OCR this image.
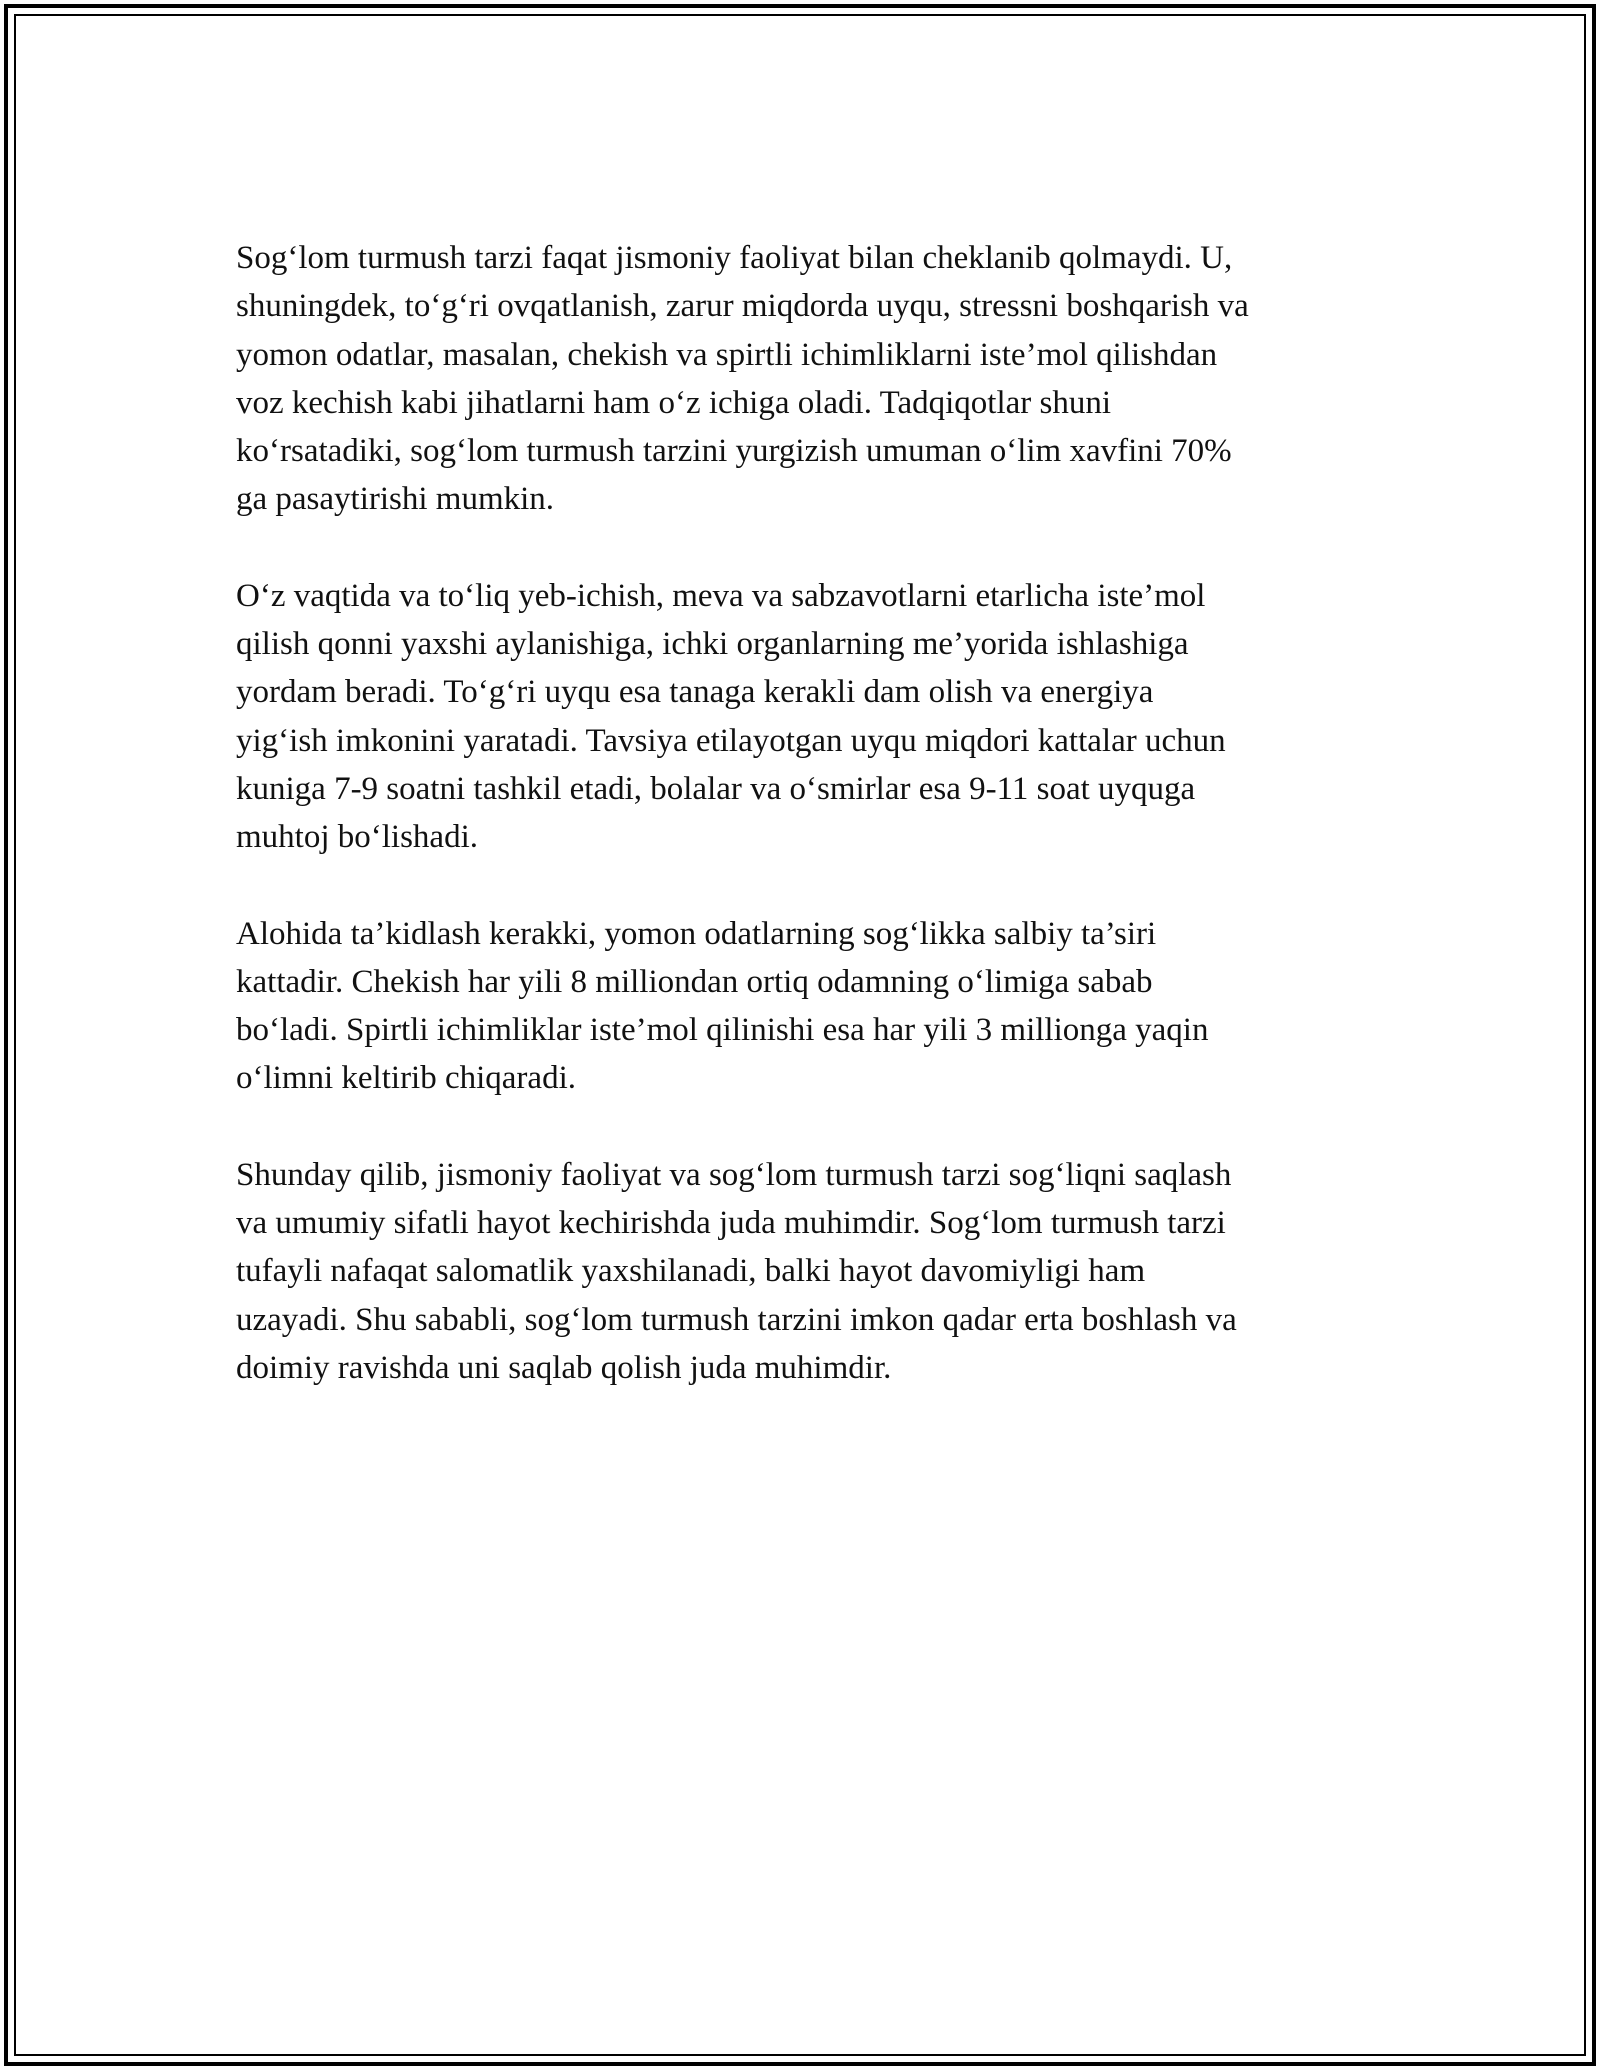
Sog‘lom turmush tarzi faqat jismoniy faoliyat bilan cheklanib qolmaydi. U,
shuningdek, to‘g‘ri ovqatlanish, zarur miqdorda uyqu, stressni boshqarish va
yomon odatlar, masalan, chekish va spirtli ichimliklarni iste’mol qilishdan
voz kechish kabi jihatlarni ham o‘z ichiga oladi. Tadqiqotlar shuni
ko‘rsatadiki, sog‘lom turmush tarzini yurgizish umuman o‘lim xavfini 70%
ga pasaytirishi mumkin.

O‘z vaqtida va to‘liq yeb-ichish, meva va sabzavotlarni etarlicha iste’mol
qilish qonni yaxshi aylanishiga, ichki organlarning me’yorida ishlashiga
yordam beradi. To‘g‘ri uyqu esa tanaga kerakli dam olish va energiya
yig‘ish imkonini yaratadi. Tavsiya etilayotgan uyqu miqdori kattalar uchun
kuniga 7-9 soatni tashkil etadi, bolalar va o‘smirlar esa 9-11 soat uyquga
muhtoj bo‘lishadi.

Alohida ta’kidlash kerakki, yomon odatlarning sog‘likka salbiy ta’siri
kattadir. Chekish har yili 8 milliondan ortiq odamning o‘limiga sabab
bo‘ladi. Spirtli ichimliklar iste’mol qilinishi esa har yili 3 millionga yaqin
o‘limni keltirib chiqaradi.

Shunday qilib, jismoniy faoliyat va sog‘lom turmush tarzi sog‘liqni saqlash
va umumiy sifatli hayot kechirishda juda muhimdir. Sog‘lom turmush tarzi
tufayli nafaqat salomatlik yaxshilanadi, balki hayot davomiyligi ham
uzayadi. Shu sababli, sog‘lom turmush tarzini imkon qadar erta boshlash va
doimiy ravishda uni saqlab qolish juda muhimdir.
